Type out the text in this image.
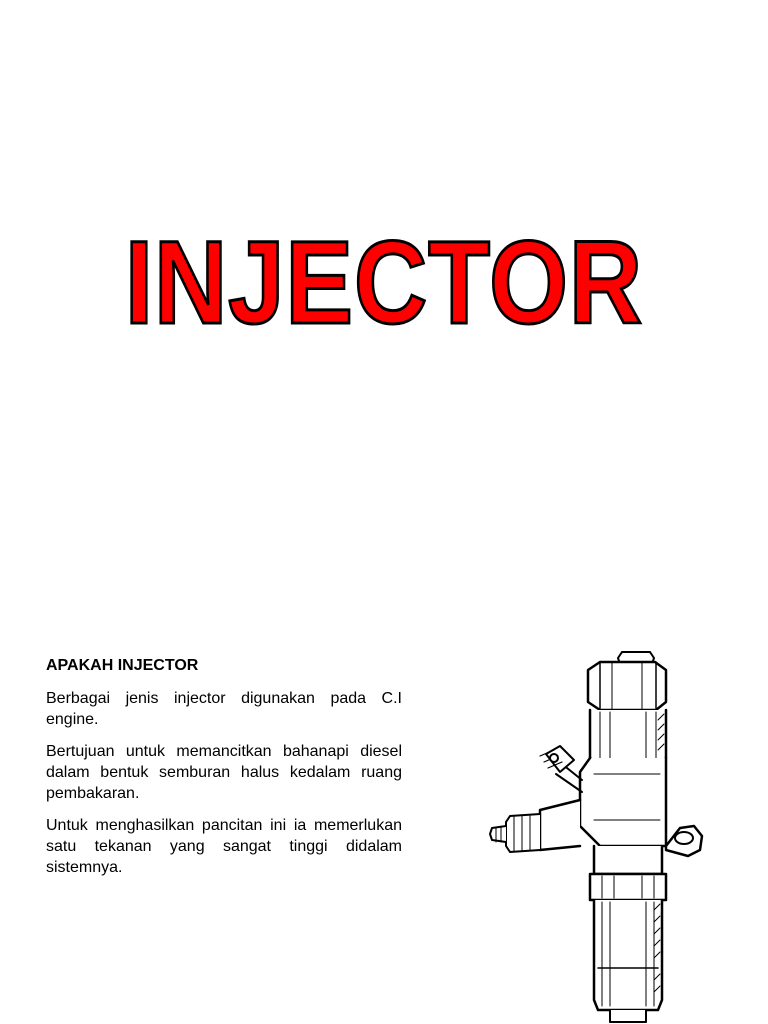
INJECTOR
APAKAH INJECTOR
Berbagai jenis injector digunakan pada C.I engine.
Bertujuan untuk memancitkan bahanapi diesel dalam bentuk semburan halus kedalam ruang pembakaran.
Untuk menghasilkan pancitan ini ia memerlukan satu tekanan yang sangat tinggi didalam sistemnya.
